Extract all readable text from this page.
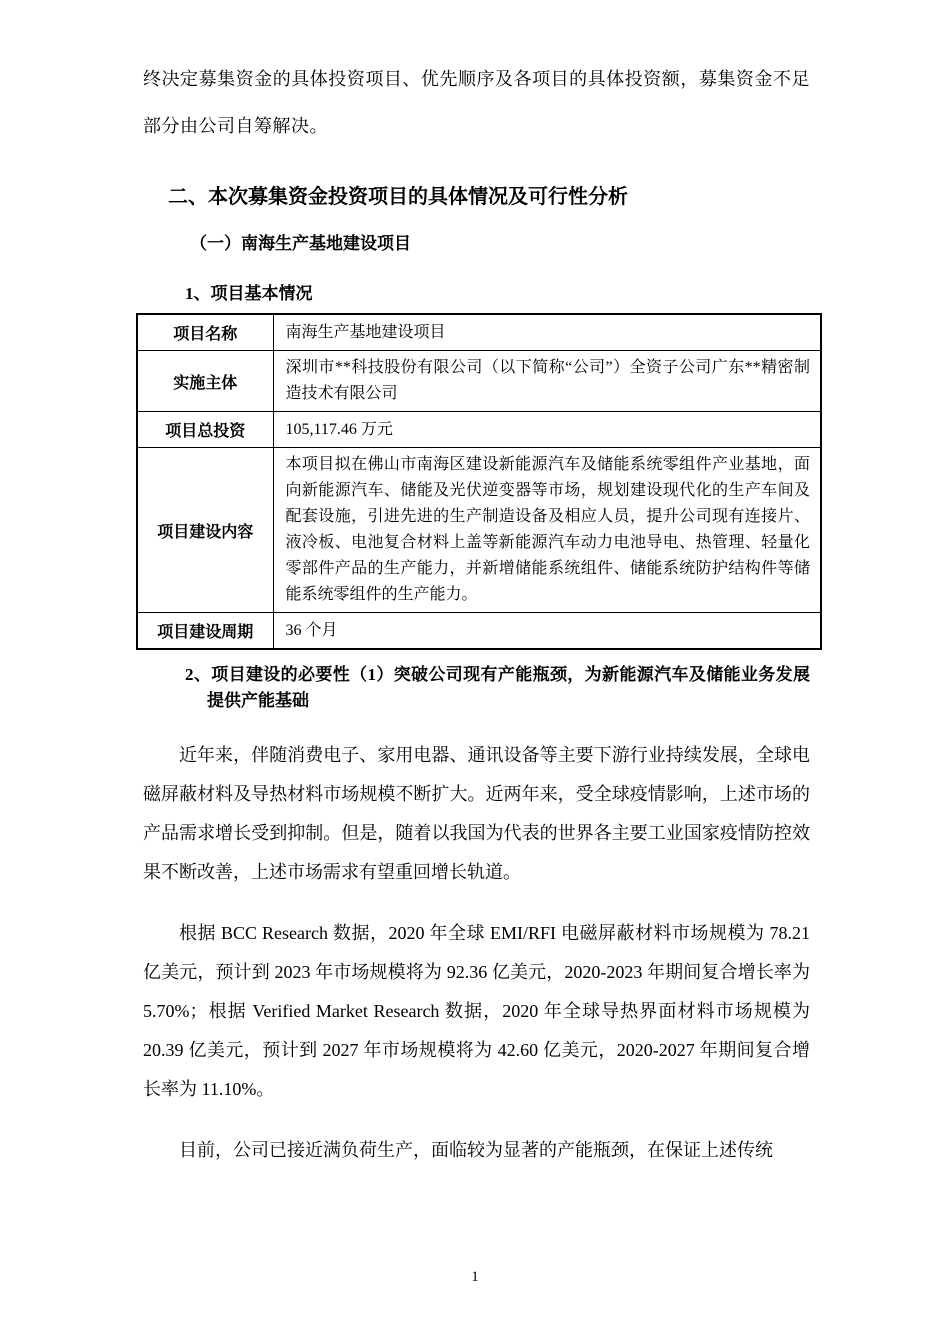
终决定募集资金的具体投资项目、优先顺序及各项目的具体投资额，募集资金不足部分由公司自筹解决。

二、本次募集资金投资项目的具体情况及可行性分析
（一）南海生产基地建设项目
1、项目基本情况
项目名称	南海生产基地建设项目
实施主体	深圳市**科技股份有限公司（以下简称“公司”）全资子公司广东**精密制造技术有限公司
项目总投资	105,117.46 万元
项目建设内容	本项目拟在佛山市南海区建设新能源汽车及储能系统零组件产业基地，面向新能源汽车、储能及光伏逆变器等市场，规划建设现代化的生产车间及配套设施，引进先进的生产制造设备及相应人员，提升公司现有连接片、液冷板、电池复合材料上盖等新能源汽车动力电池导电、热管理、轻量化零部件产品的生产能力，并新增储能系统组件、储能系统防护结构件等储能系统零组件的生产能力。
项目建设周期	36 个月
2、项目建设的必要性（1）突破公司现有产能瓶颈，为新能源汽车及储能业务发展提供产能基础

近年来，伴随消费电子、家用电器、通讯设备等主要下游行业持续发展，全球电磁屏蔽材料及导热材料市场规模不断扩大。近两年来，受全球疫情影响，上述市场的产品需求增长受到抑制。但是，随着以我国为代表的世界各主要工业国家疫情防控效果不断改善，上述市场需求有望重回增长轨道。

根据 BCC Research 数据，2020 年全球 EMI/RFI 电磁屏蔽材料市场规模为 78.21 亿美元，预计到 2023 年市场规模将为 92.36 亿美元，2020-2023 年期间复合增长率为 5.70%；根据 Verified Market Research 数据，2020 年全球导热界面材料市场规模为 20.39 亿美元，预计到 2027 年市场规模将为 42.60 亿美元，2020-2027 年期间复合增长率为 11.10%。

目前，公司已接近满负荷生产，面临较为显著的产能瓶颈，在保证上述传统

1
